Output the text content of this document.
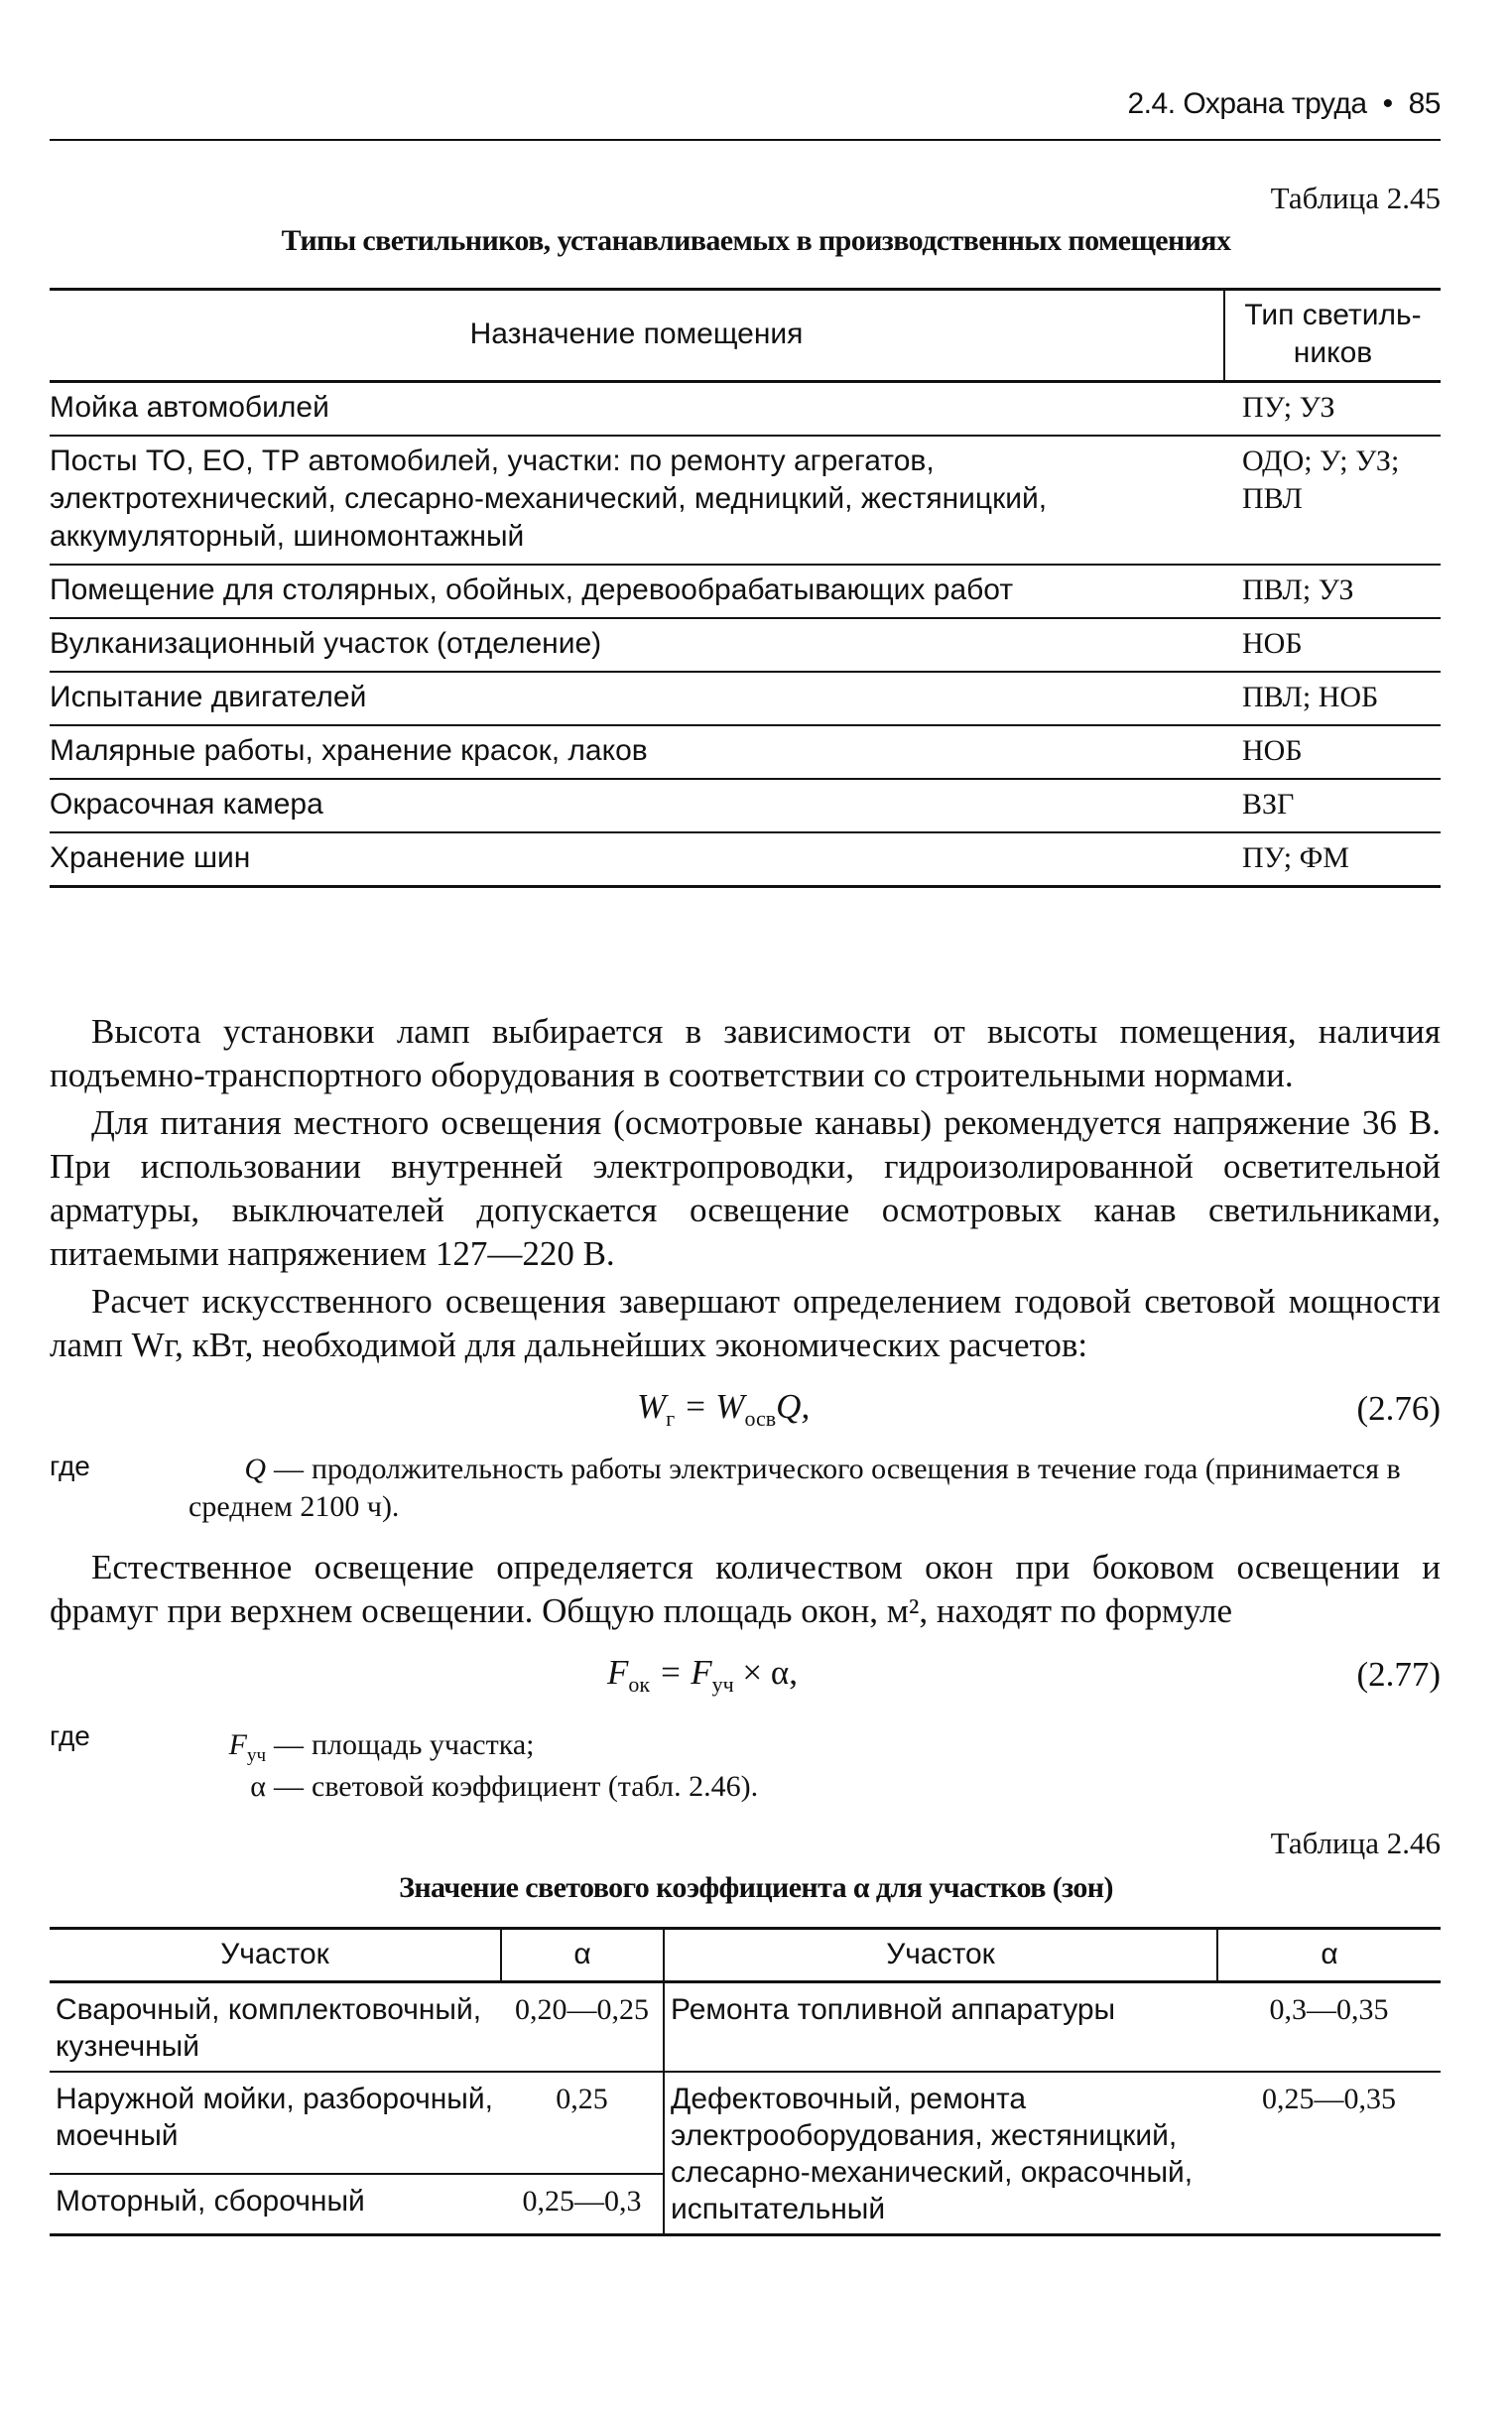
2.4. Охрана труда • 85
Таблица 2.45
Типы светильников, устанавливаемых в производственных помещениях
Назначение помещения	Тип светиль-
ников
Мойка автомобилей	ПУ; УЗ
Посты ТО, ЕО, ТР автомобилей, участки: по ремонту агрегатов, электротехнический, слесарно-механический, медницкий, жестяницкий, аккумуляторный, шиномонтажный	ОДО; У; УЗ; ПВЛ
Помещение для столярных, обойных, деревообрабатывающих работ	ПВЛ; УЗ
Вулканизационный участок (отделение)	НОБ
Испытание двигателей	ПВЛ; НОБ
Малярные работы, хранение красок, лаков	НОБ
Окрасочная камера	ВЗГ
Хранение шин	ПУ; ФМ
Высота установки ламп выбирается в зависимости от высоты помещения, наличия подъемно-транспортного оборудования в соответствии со строительными нормами.
Для питания местного освещения (осмотровые канавы) рекомендуется напряжение 36 В. При использовании внутренней электропроводки, гидроизолированной осветительной арматуры, выключателей допускается освещение осмотровых канав светильниками, питаемыми напряжением 127—220 В.
Расчет искусственного освещения завершают определением годовой световой мощности ламп Wг, кВт, необходимой для дальнейших экономических расчетов:
$W_г = W_{осв}Q$,	(2.76)
где	Q — продолжительность работы электрического освещения в течение года (принимается в среднем 2100 ч).
Естественное освещение определяется количеством окон при боковом освещении и фрамуг при верхнем освещении. Общую площадь окон, м², находят по формуле
$F_{ок} = F_{уч} \times \alpha$,	(2.77)
где	$F_{уч}$ — площадь участка;
α — световой коэффициент (табл. 2.46).
Таблица 2.46
Значение светового коэффициента α для участков (зон)
Участок	α	Участок	α
Сварочный, комплектовочный, кузнечный	0,20—0,25	Ремонта топливной аппаратуры	0,3—0,35
Наружной мойки, разборочный, моечный	0,25	Дефектовочный, ремонта электрооборудования, жестяницкий, слесарно-механический, окрасочный, испытательный	0,25—0,35
Моторный, сборочный	0,25—0,3		
